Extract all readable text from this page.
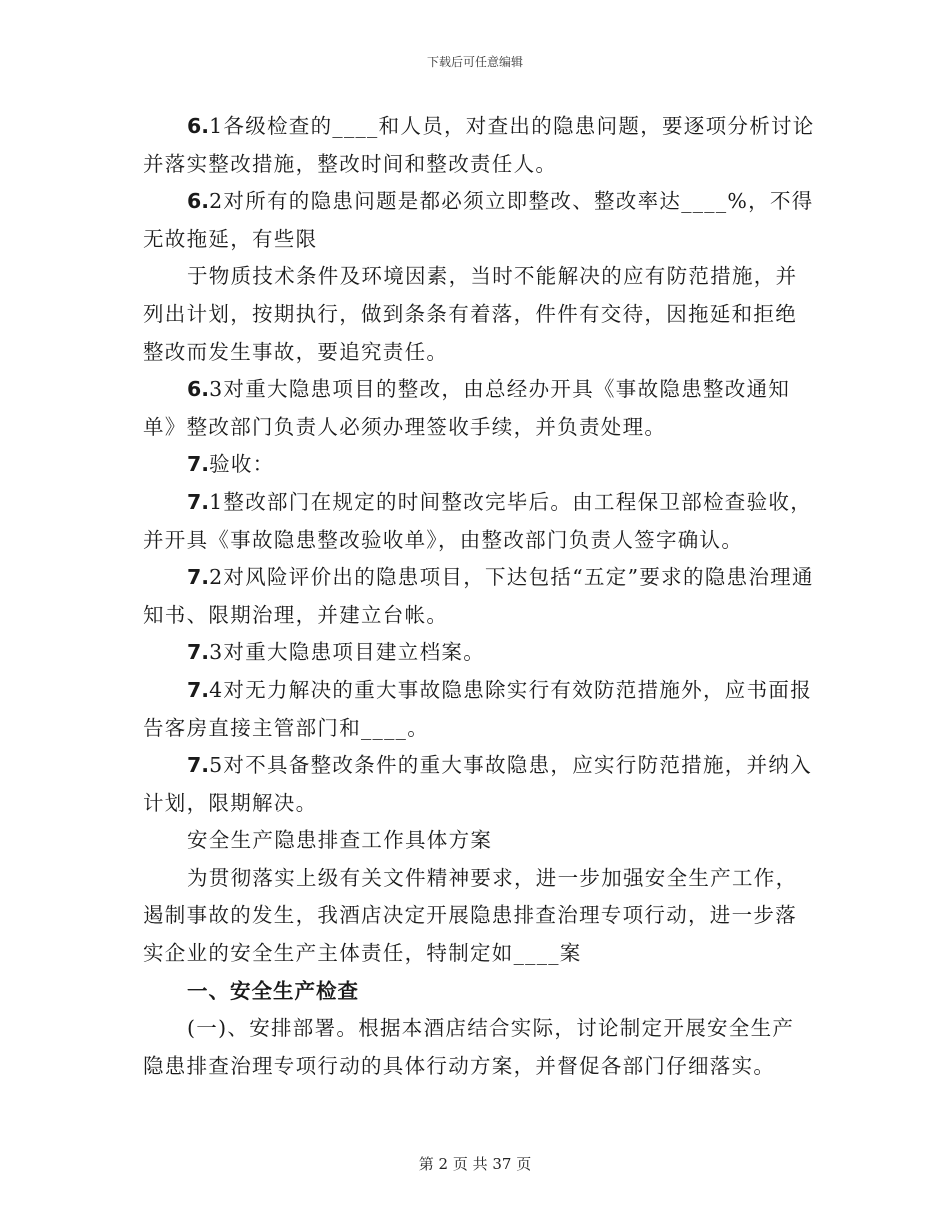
下载后可任意编辑

6.1各级检查的____和人员，对查出的隐患问题，要逐项分析讨论并落实整改措施，整改时间和整改责任人。

6.2对所有的隐患问题是都必须立即整改、整改率达____%，不得无故拖延，有些限

于物质技术条件及环境因素，当时不能解决的应有防范措施，并列出计划，按期执行，做到条条有着落，件件有交待，因拖延和拒绝整改而发生事故，要追究责任。

6.3对重大隐患项目的整改，由总经办开具《事故隐患整改通知单》整改部门负责人必须办理签收手续，并负责处理。

7.验收：

7.1整改部门在规定的时间整改完毕后。由工程保卫部检查验收，并开具《事故隐患整改验收单》，由整改部门负责人签字确认。

7.2对风险评价出的隐患项目，下达包括“五定”要求的隐患治理通知书、限期治理，并建立台帐。

7.3对重大隐患项目建立档案。

7.4对无力解决的重大事故隐患除实行有效防范措施外，应书面报告客房直接主管部门和____。

7.5对不具备整改条件的重大事故隐患，应实行防范措施，并纳入计划，限期解决。

安全生产隐患排查工作具体方案

为贯彻落实上级有关文件精神要求，进一步加强安全生产工作，遏制事故的发生，我酒店决定开展隐患排查治理专项行动，进一步落实企业的安全生产主体责任，特制定如____案

一、安全生产检查

(一)、安排部署。根据本酒店结合实际，讨论制定开展安全生产隐患排查治理专项行动的具体行动方案，并督促各部门仔细落实。

第 2 页 共 37 页
